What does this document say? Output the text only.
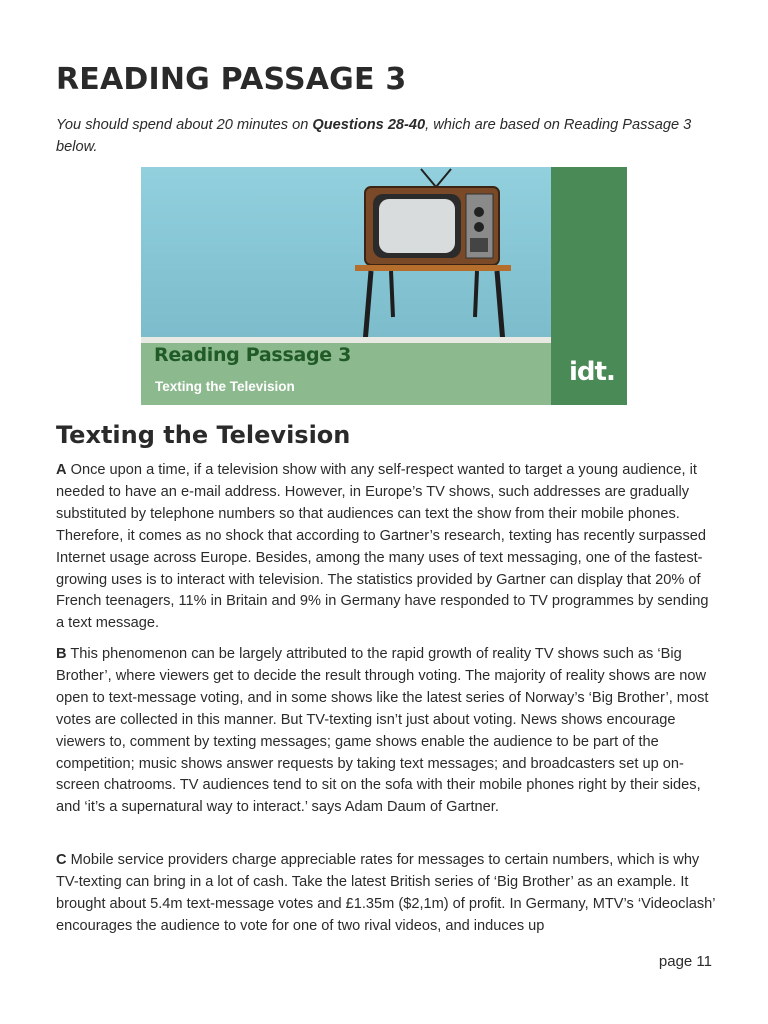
READING PASSAGE 3

You should spend about 20 minutes on Questions 28-40, which are based on Reading Passage 3 below.

Reading Passage 3
Texting the Television	idt.
Texting the Television

A Once upon a time, if a television show with any self-respect wanted to target a young audience, it needed to have an e-mail address. However, in Europe’s TV shows, such addresses are gradually substituted by telephone numbers so that audiences can text the show from their mobile phones. Therefore, it comes as no shock that according to Gartner’s research, texting has recently surpassed Internet usage across Europe. Besides, among the many uses of text messaging, one of the fastest-growing uses is to interact with television. The statistics provided by Gartner can display that 20% of French teenagers, 11% in Britain and 9% in Germany have responded to TV programmes by sending a text message.

B This phenomenon can be largely attributed to the rapid growth of reality TV shows such as ‘Big Brother’, where viewers get to decide the result through voting. The majority of reality shows are now open to text-message voting, and in some shows like the latest series of Norway’s ‘Big Brother’, most votes are collected in this manner. But TV-texting isn’t just about voting. News shows encourage viewers to, comment by texting messages; game shows enable the audience to be part of the competition; music shows answer requests by taking text messages; and broadcasters set up on-screen chatrooms. TV audiences tend to sit on the sofa with their mobile phones right by their sides, and ‘it’s a supernatural way to interact.’ says Adam Daum of Gartner.

C Mobile service providers charge appreciable rates for messages to certain numbers, which is why TV-texting can bring in a lot of cash. Take the latest British series of ‘Big Brother’ as an example. It brought about 5.4m text-message votes and £1.35m ($2,1m) of profit. In Germany, MTV’s ‘Videoclash’ encourages the audience to vote for one of two rival videos, and induces up

page 11
